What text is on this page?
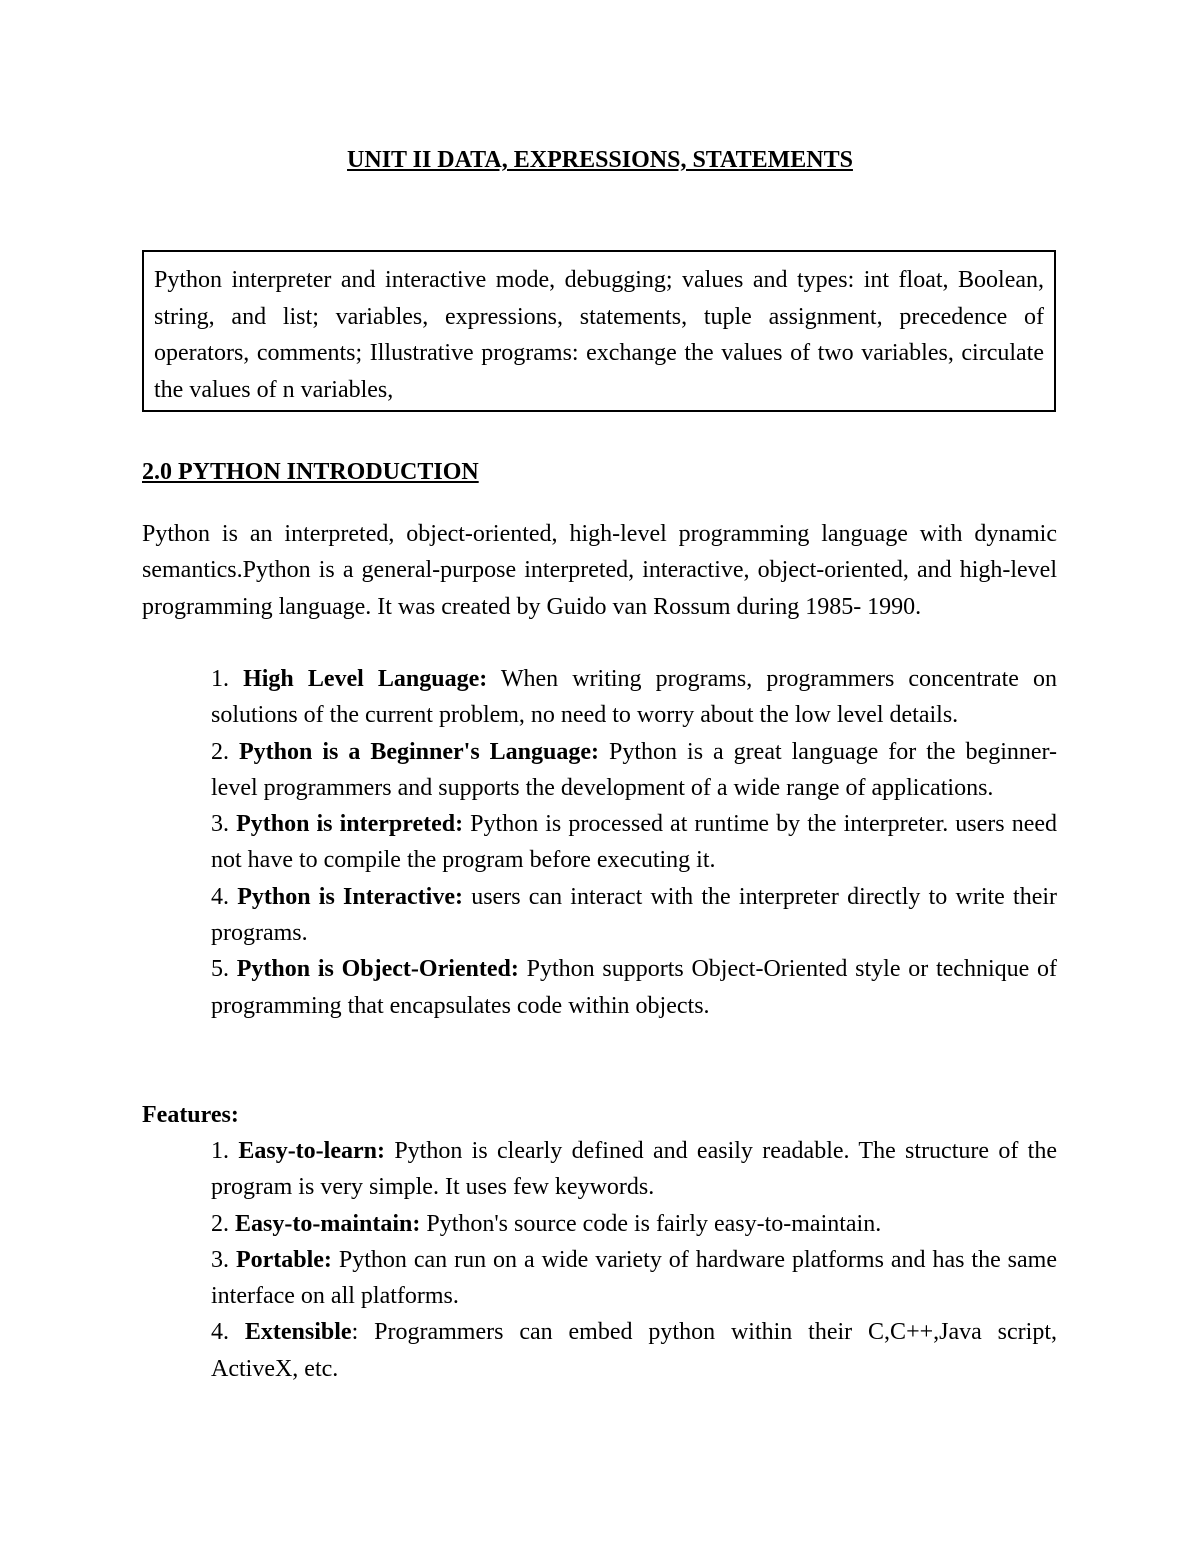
UNIT II DATA, EXPRESSIONS, STATEMENTS
Python interpreter and interactive mode, debugging; values and types: int float, Boolean, string, and list; variables, expressions, statements, tuple assignment, precedence of operators, comments; Illustrative programs: exchange the values of two variables, circulate the values of n variables,
2.0 PYTHON INTRODUCTION

Python is an interpreted, object-oriented, high-level programming language with dynamic semantics.Python is a general-purpose interpreted, interactive, object-oriented, and high-level programming language. It was created by Guido van Rossum during 1985- 1990.

1. High Level Language: When writing programs, programmers concentrate on solutions of the current problem, no need to worry about the low level details.
2. Python is a Beginner's Language: Python is a great language for the beginner- level programmers and supports the development of a wide range of applications.
3. Python is interpreted: Python is processed at runtime by the interpreter. users need not have to compile the program before executing it.
4. Python is Interactive: users can interact with the interpreter directly to write their programs.
5. Python is Object-Oriented: Python supports Object-Oriented style or technique of programming that encapsulates code within objects.
Features:
1. Easy-to-learn: Python is clearly defined and easily readable. The structure of the program is very simple. It uses few keywords.
2. Easy-to-maintain: Python's source code is fairly easy-to-maintain.
3. Portable: Python can run on a wide variety of hardware platforms and has the same interface on all platforms.
4. Extensible: Programmers can embed python within their C,C++,Java script, ActiveX, etc.
